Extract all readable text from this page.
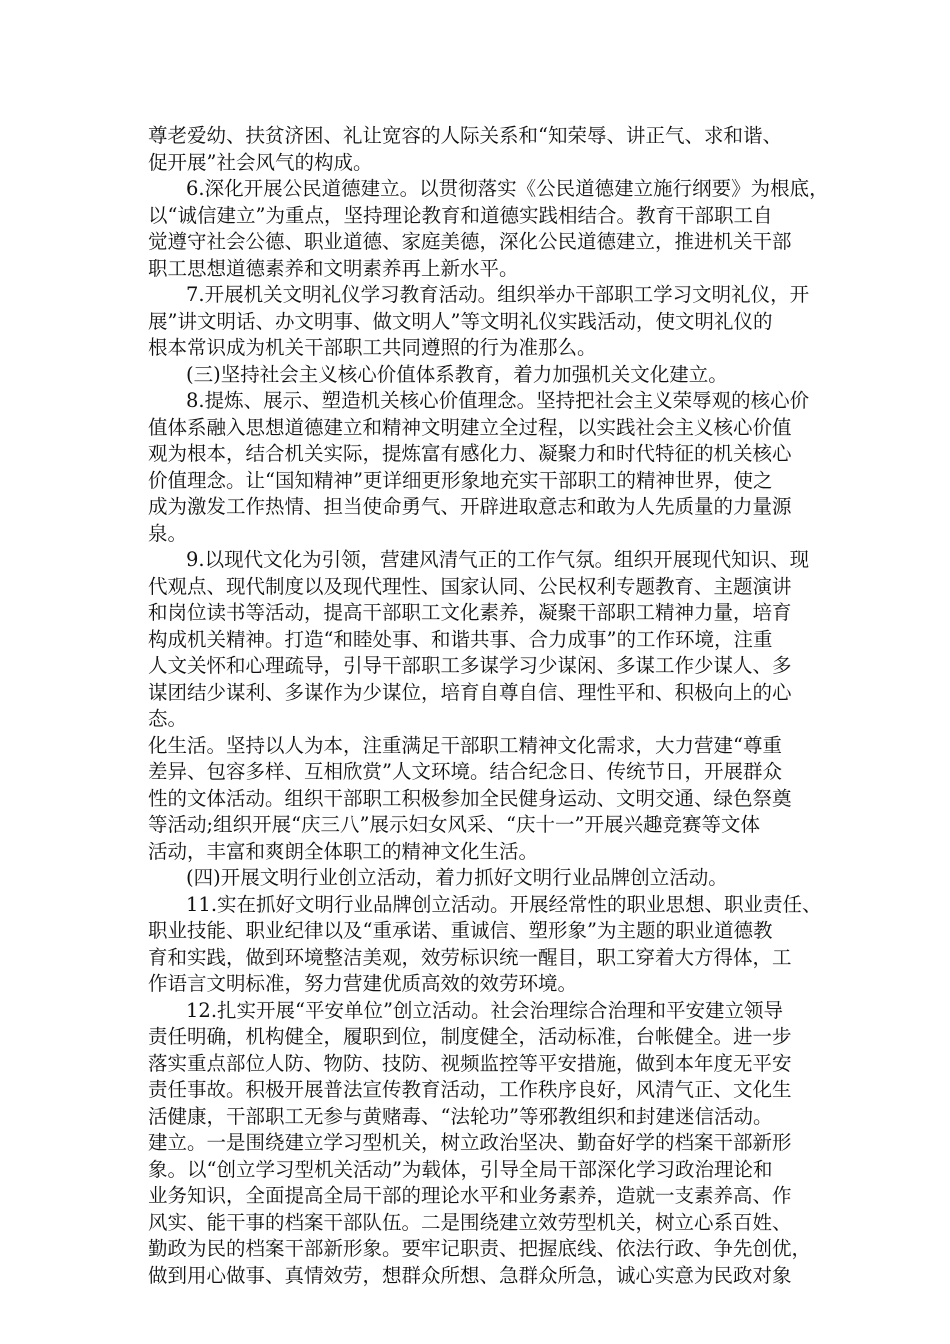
尊老爱幼、扶贫济困、礼让宽容的人际关系和“知荣辱、讲正气、求和谐、
促开展”社会风气的构成。
6.深化开展公民道德建立。以贯彻落实《公民道德建立施行纲要》为根底，
以“诚信建立”为重点，坚持理论教育和道德实践相结合。教育干部职工自
觉遵守社会公德、职业道德、家庭美德，深化公民道德建立，推进机关干部
职工思想道德素养和文明素养再上新水平。
7.开展机关文明礼仪学习教育活动。组织举办干部职工学习文明礼仪，开
展”讲文明话、办文明事、做文明人”等文明礼仪实践活动，使文明礼仪的
根本常识成为机关干部职工共同遵照的行为准那么。
(三)坚持社会主义核心价值体系教育，着力加强机关文化建立。
8.提炼、展示、塑造机关核心价值理念。坚持把社会主义荣辱观的核心价
值体系融入思想道德建立和精神文明建立全过程，以实践社会主义核心价值
观为根本，结合机关实际，提炼富有感化力、凝聚力和时代特征的机关核心
价值理念。让“国知精神”更详细更形象地充实干部职工的精神世界，使之
成为激发工作热情、担当使命勇气、开辟进取意志和敢为人先质量的力量源
泉。
9.以现代文化为引领，营建风清气正的工作气氛。组织开展现代知识、现
代观点、现代制度以及现代理性、国家认同、公民权利专题教育、主题演讲
和岗位读书等活动，提高干部职工文化素养，凝聚干部职工精神力量，培育
构成机关精神。打造“和睦处事、和谐共事、合力成事”的工作环境，注重
人文关怀和心理疏导，引导干部职工多谋学习少谋闲、多谋工作少谋人、多
谋团结少谋利、多谋作为少谋位，培育自尊自信、理性平和、积极向上的心
态。
化生活。坚持以人为本，注重满足干部职工精神文化需求，大力营建“尊重
差异、包容多样、互相欣赏”人文环境。结合纪念日、传统节日，开展群众
性的文体活动。组织干部职工积极参加全民健身运动、文明交通、绿色祭奠
等活动;组织开展“庆三八”展示妇女风采、“庆十一”开展兴趣竞赛等文体
活动，丰富和爽朗全体职工的精神文化生活。
(四)开展文明行业创立活动，着力抓好文明行业品牌创立活动。
11.实在抓好文明行业品牌创立活动。开展经常性的职业思想、职业责任、
职业技能、职业纪律以及“重承诺、重诚信、塑形象”为主题的职业道德教
育和实践，做到环境整洁美观，效劳标识统一醒目，职工穿着大方得体，工
作语言文明标准，努力营建优质高效的效劳环境。
12.扎实开展“平安单位”创立活动。社会治理综合治理和平安建立领导
责任明确，机构健全，履职到位，制度健全，活动标准，台帐健全。进一步
落实重点部位人防、物防、技防、视频监控等平安措施，做到本年度无平安
责任事故。积极开展普法宣传教育活动，工作秩序良好，风清气正、文化生
活健康，干部职工无参与黄赌毒、“法轮功”等邪教组织和封建迷信活动。
建立。一是围绕建立学习型机关，树立政治坚决、勤奋好学的档案干部新形
象。以“创立学习型机关活动”为载体，引导全局干部深化学习政治理论和
业务知识，全面提高全局干部的理论水平和业务素养，造就一支素养高、作
风实、能干事的档案干部队伍。二是围绕建立效劳型机关，树立心系百姓、
勤政为民的档案干部新形象。要牢记职责、把握底线、依法行政、争先创优，
做到用心做事、真情效劳，想群众所想、急群众所急，诚心实意为民政对象
